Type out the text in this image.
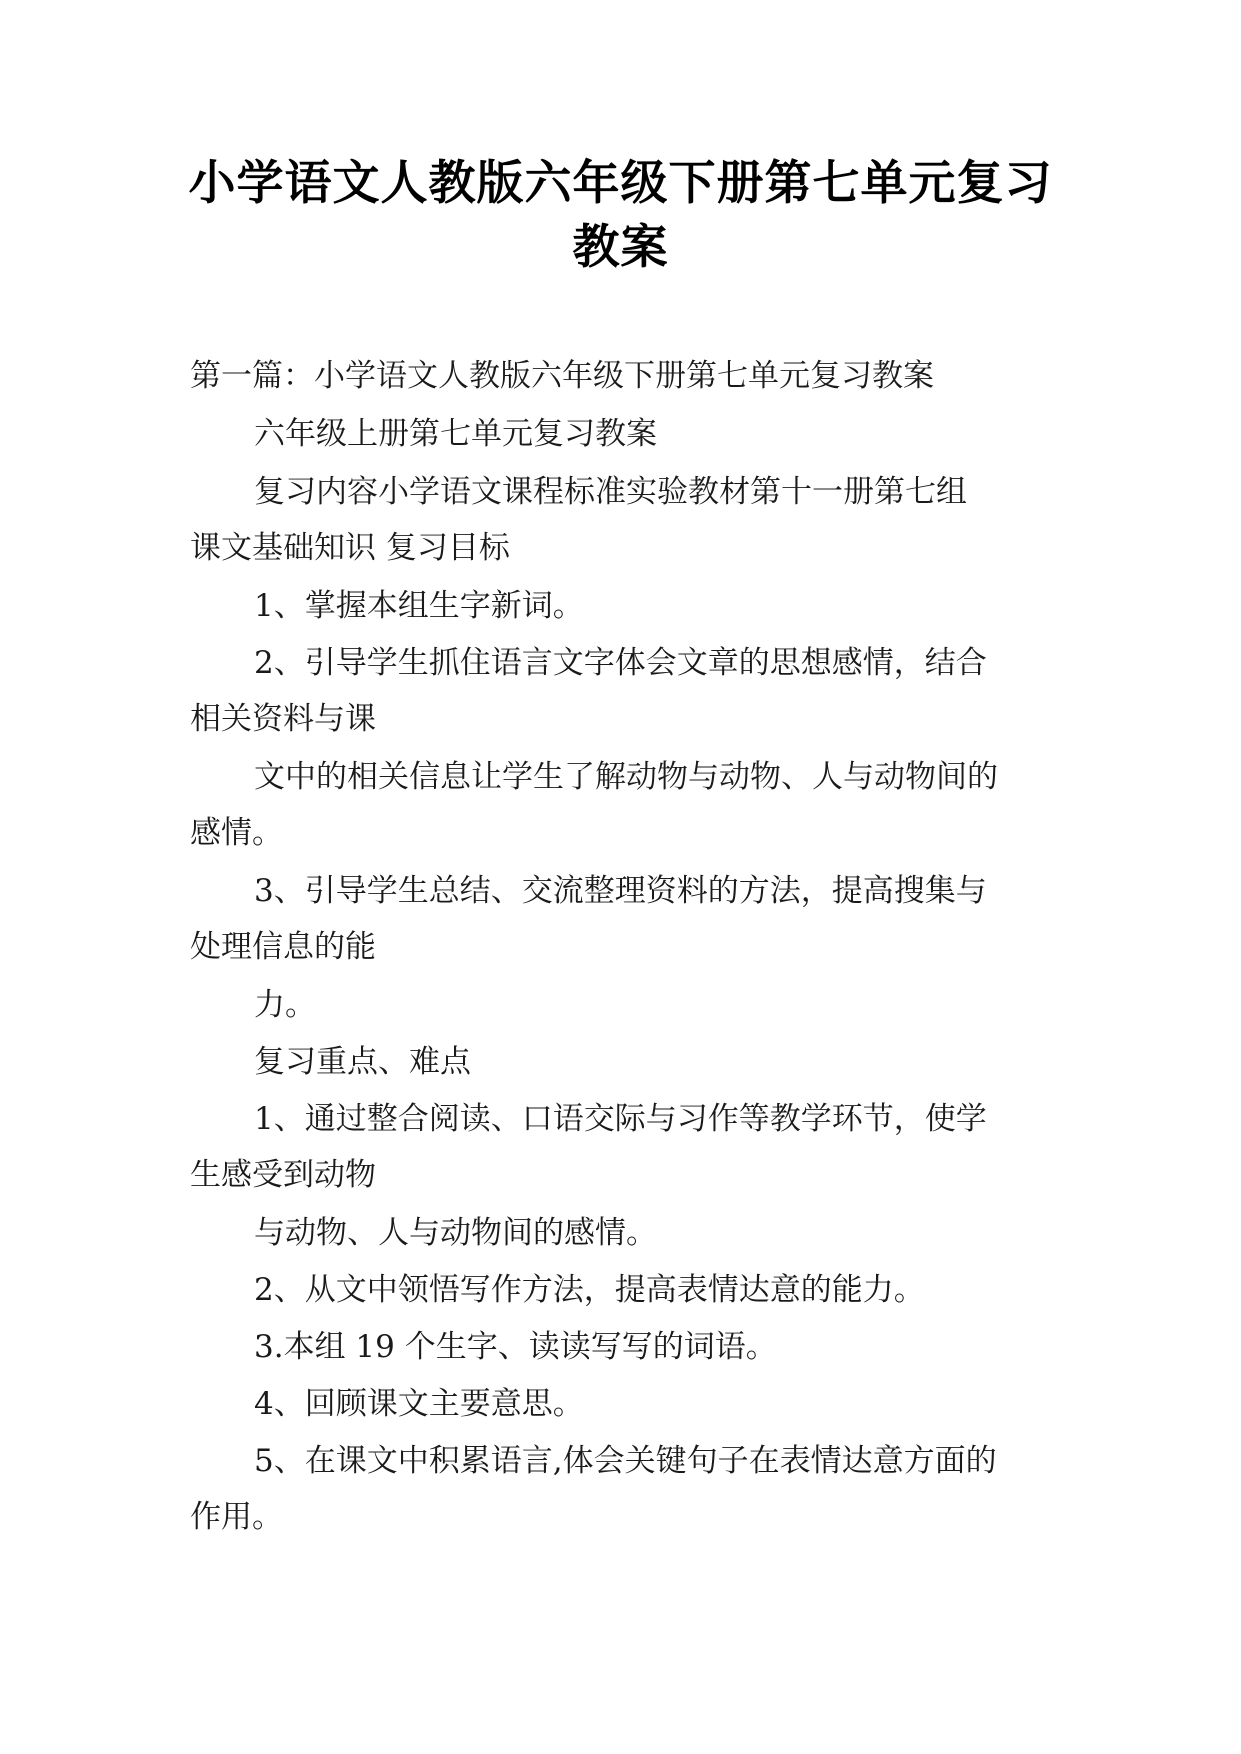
小学语文人教版六年级下册第七单元复习
教案
第一篇：小学语文人教版六年级下册第七单元复习教案
六年级上册第七单元复习教案
复习内容小学语文课程标准实验教材第十一册第七组
课文基础知识 复习目标
1、掌握本组生字新词。
2、引导学生抓住语言文字体会文章的思想感情，结合
相关资料与课
文中的相关信息让学生了解动物与动物、人与动物间的
感情。
3、引导学生总结、交流整理资料的方法，提高搜集与
处理信息的能
力。
复习重点、难点
1、通过整合阅读、口语交际与习作等教学环节，使学
生感受到动物
与动物、人与动物间的感情。
2、从文中领悟写作方法，提高表情达意的能力。
3.本组 19 个生字、读读写写的词语。
4、回顾课文主要意思。
5、在课文中积累语言,体会关键句子在表情达意方面的
作用。
